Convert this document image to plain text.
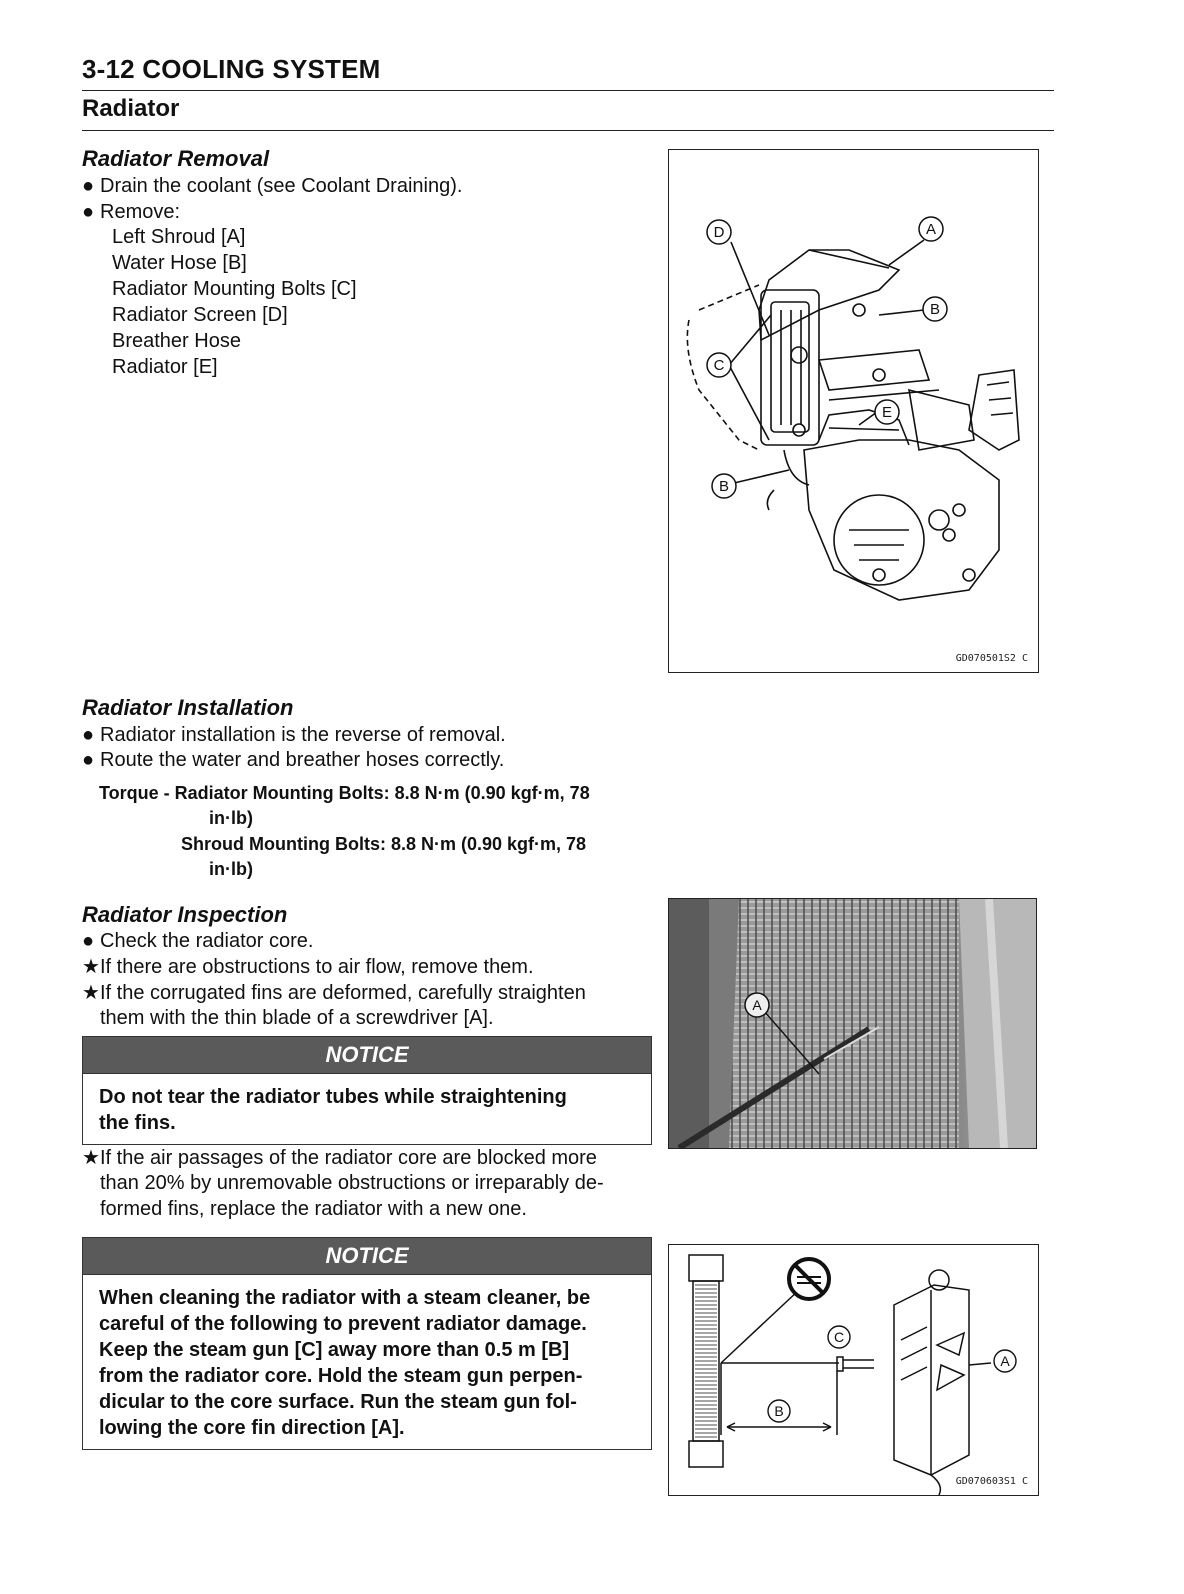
3-12 COOLING SYSTEM
Radiator
Radiator Removal
● Drain the coolant (see Coolant Draining).
● Remove:
Left Shroud [A]
Water Hose [B]
Radiator Mounting Bolts [C]
Radiator Screen [D]
Breather Hose
Radiator [E]
D	A
B
C
E
B
GD070501S2 C
Radiator Installation
● Radiator installation is the reverse of removal.
● Route the water and breather hoses correctly.
Torque - Radiator Mounting Bolts: 8.8 N·m (0.90 kgf·m, 78
in·lb)
Shroud Mounting Bolts: 8.8 N·m (0.90 kgf·m, 78
in·lb)
Radiator Inspection
● Check the radiator core.
★If there are obstructions to air flow, remove them.
★If the corrugated fins are deformed, carefully straighten
them with the thin blade of a screwdriver [A].
NOTICE
Do not tear the radiator tubes while straightening
the fins.
★If the air passages of the radiator core are blocked more
than 20% by unremovable obstructions or irreparably de-
formed fins, replace the radiator with a new one.
NOTICE
When cleaning the radiator with a steam cleaner, be
careful of the following to prevent radiator damage.
Keep the steam gun [C] away more than 0.5 m [B]
from the radiator core. Hold the steam gun perpen-
dicular to the core surface. Run the steam gun fol-
lowing the core fin direction [A].
A
C
A
B
GD070603S1 C
